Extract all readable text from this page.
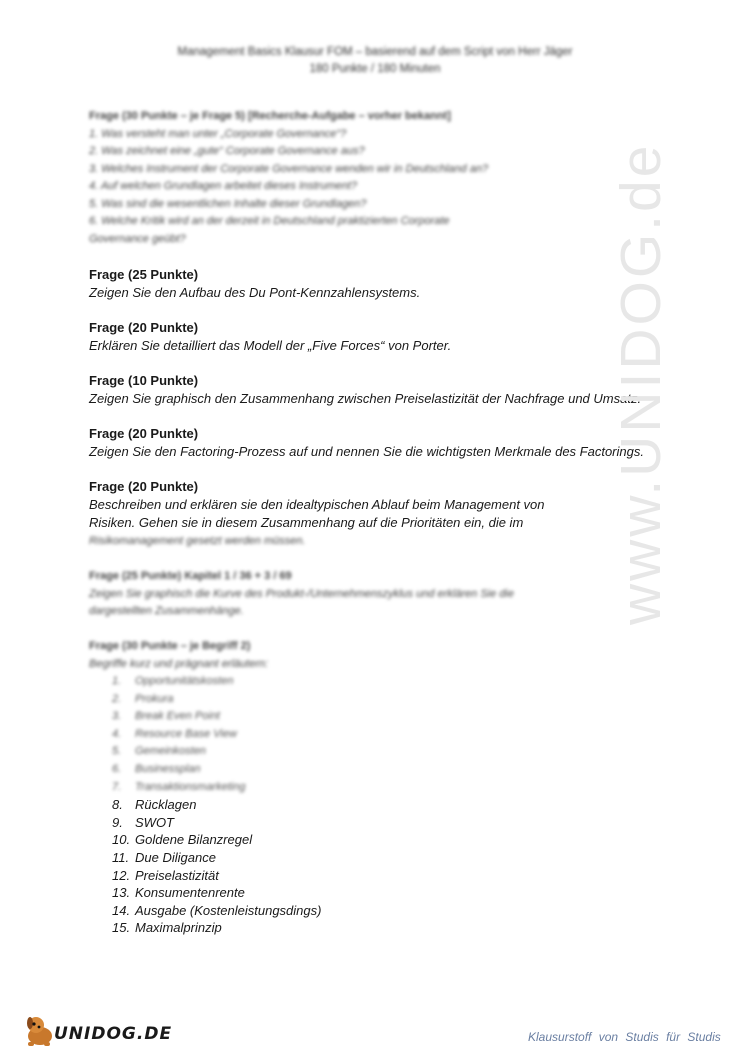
Management Basics Klausur FOM – basierend auf dem Script von Herr Jäger
180 Punkte / 180 Minuten
Frage (30 Punkte – je Frage 5) [Recherche-Aufgabe – vorher bekannt]
1. Was versteht man unter „Corporate Governance“?
2. Was zeichnet eine „gute“ Corporate Governance aus?
3. Welches Instrument der Corporate Governance wenden wir in Deutschland an?
4. Auf welchen Grundlagen arbeitet dieses Instrument?
5. Was sind die wesentlichen Inhalte dieser Grundlagen?
6. Welche Kritik wird an der derzeit in Deutschland praktizierten Corporate
Governance geübt?
Frage (25 Punkte)
Zeigen Sie den Aufbau des Du Pont-Kennzahlensystems.
Frage (20 Punkte)
Erklären Sie detailliert das Modell der „Five Forces“ von Porter.
Frage (10 Punkte)
Zeigen Sie graphisch den Zusammenhang zwischen Preiselastizität der Nachfrage und Umsatz.
Frage (20 Punkte)
Zeigen Sie den Factoring-Prozess auf und nennen Sie die wichtigsten Merkmale des Factorings.
Frage (20 Punkte)
Beschreiben und erklären sie den idealtypischen Ablauf beim Management von
Risiken. Gehen sie in diesem Zusammenhang auf die Prioritäten ein, die im
Risikomanagement gesetzt werden müssen.
Frage (25 Punkte) Kapitel 1 / 36 + 3 / 69
Zeigen Sie graphisch die Kurve des Produkt-/Unternehmenszyklus und erklären Sie die
dargestellten Zusammenhänge.
Frage (30 Punkte – je Begriff 2)
Begriffe kurz und prägnant erläutern:
1. Opportunitätskosten
2. Prokura
3. Break Even Point
4. Resource Base View
5. Gemeinkosten
6. Businessplan
7. Transaktionsmarketing
8. Rücklagen
9. SWOT
10. Goldene Bilanzregel
11. Due Diligance
12. Preiselastizität
13. Konsumentenrente
14. Ausgabe (Kostenleistungsdings)
15. Maximalprinzip
www.UNIDOG.de
UNIDOG.DE	Klausurstoff von Studis für Studis
